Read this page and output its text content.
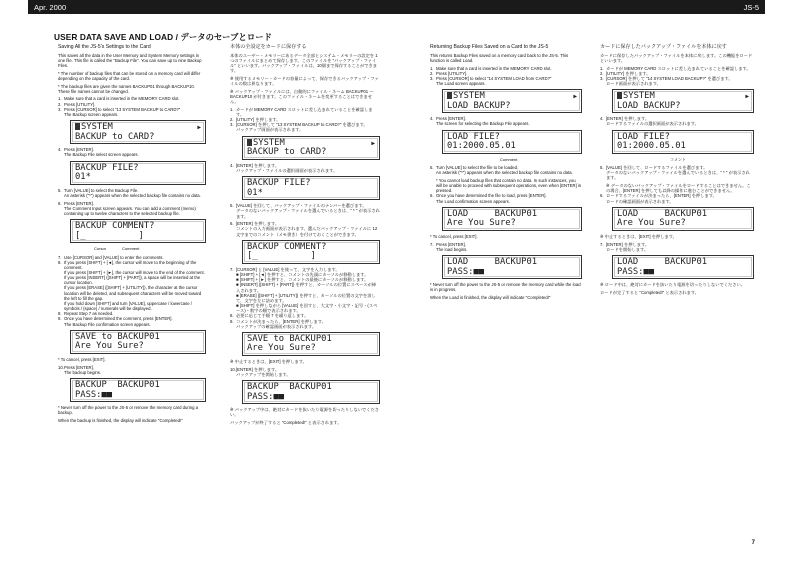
Apr. 2000	JS-5
USER DATA SAVE AND LOAD / データのセーブとロード

Saving All the JS-5's Settings to the Card

This saves all the data in the User Memory and System Memory settings in one file. This file is called the "Backup File". You can save up to nine Backup Files.

* The number of backup files that can be stored on a memory card will differ depending on the capacity of the card.

* The backup files are given the names BACKUP01 through BACKUP10. These file names cannot be changed.

1. Make sure that a card is inserted in the MEMORY CARD slot.
2. Press [UTILITY].
3. Press [CURSOR] to select "13 SYSTEM BACKUP to CARD?"

The Backup screen appears.

SYSTEM	▶

BACKUP to CARD?
4. Press [ENTER].

The Backup File select screen appears.

BACKUP FILE?
01*
5. Turn [VALUE] to select the Backup File.

An asterisk ("*") appears when the selected backup file contains no data.

6. Press [ENTER].

The Comment Input screen appears. You can add a comment (memo) containing up to twelve characters to the selected backup file.

BACKUP COMMENT?
[_          ]
Cursor	Comment
7. Use [CURSOR] and [VALUE] to enter the comments.
8. If you press [SHIFT] + [◄], the cursor will move to the beginning of the comment.
If you press [SHIFT] + [►], the cursor will move to the end of the comment.
If you press [INSERT] ([SHIFT] + [PART]), a space will be inserted at the cursor location.
If you press [ERASE] ([SHIFT] + [UTILITY]), the character at the cursor location will be deleted, and subsequent characters will be moved toward the left to fill the gap.
If you hold down [SHIFT] and turn [VALUE], uppercase / lowercase / symbols / (space) / numerals will be displayed.
8. Repeat Step 7 as needed.
9. Once you have determined the comment, press [ENTER].

The Backup File confirmation screen appears.

SAVE to BACKUP01
Are You Sure?

* To cancel, press [EXIT].

10. Press [ENTER].

The backup begins.

BACKUP  BACKUP01
PASS:■■

* Never turn off the power to the JS-5 or remove the memory card during a backup.

When the backup is finished, the display will indicate "Completed!"

本体の全設定をカードに保存する

本体のユーザー・メモリーにあるデータ全部とシステム・メモリーの設定を 1 つのファイルにまとめて保存します。このファイルを "バックアップ・ファイル" といいます。バックアップ・ファイルは、10個まで保存することができます。

※ 使用するメモリー・カードの容量によって、保存できるバックアップ・ファイルの数は異なります。

※ バックアップ・ファイルには、自動的にファイル・ネーム BACKUP01 ～ BACKUP10 が付きます。このファイル・ネームを変更することはできません。

1. カードが MEMORY CARD スロットに差し込まれていることを確認します。
2. [UTILITY] を押します。
3. [CURSOR] を押して "13 SYSTEM BACKUP to CARD?" を選びます。

バックアップ画面が表示されます。

SYSTEM	▶

BACKUP to CARD?
4. [ENTER] を押します。

バックアップ・ファイルの選択画面が表示されます。

BACKUP FILE?
01*
5. [VALUE] を回して、バックアップ・ファイルのナンバーを選びます。

データのないバックアップ・ファイルを選んでいるときは、" * " が表示されます。

6. [ENTER] を押します。

コメントの入力画面が表示されます。選んだバックアップ・ファイルに 12 文字までのコメント（メモ書き）を付けておくことができます。

BACKUP COMMENT?
[_          ]
7. [CURSOR] と [VALUE] を使って、文字を入力します。
■ [SHIFT] + [◄] を押すと、コメントの先頭にカーソルが移動します。
■ [SHIFT] + [►] を押すと、コメントの最後にカーソルが移動します。
■ [INSERT] ([SHIFT] + [PART]) を押すと、カーソルの位置にスペースが挿入されます。
■ [ERASE] ([SHIFT] + [UTILITY]) を押すと、カーソルの位置の文字を消して、文字を左に詰めます。
■ [SHIFT] を押しながら [VALUE] を回すと、大文字・小文字・記号・(スペース)・数字の順で表示されます。
8. 必要に応じて手順 7 を繰り返します。
9. コメントが決まったら、[ENTER] を押します。

バックアップの確認画面が表示されます。

SAVE to BACKUP01
Are You Sure?

※ 中止するときは、[EXIT] を押します。

10. [ENTER] を押します。

バックアップを開始します。

BACKUP  BACKUP01
PASS:■■

※ バックアップ中は、絶対にカードを抜いたり電源を切ったりしないでください。

バックアップが終了すると "Completed!" と表示されます。

Returning Backup Files Saved on a Card to the JS-5

This returns Backup Files saved on a memory card back to the JS-5. This function is called Load.

1. Make sure that a card is inserted in the MEMORY CARD slot.
2. Press [UTILITY].
3. Press [CURSOR] to select "14 SYSTEM LOAD from CARD?"

The Load screen appears.

SYSTEM	▶

LOAD BACKUP?
4. Press [ENTER].

The screen for selecting the Backup File appears.

LOAD FILE?
01:2000.05.01
Comment
5. Turn [VALUE] to select the file to be loaded.

An asterisk ("*") appears when the selected backup file contains no data.

* You cannot load backup files that contain no data. In such instances, you will be unable to proceed with subsequent operations, even when [ENTER] is pressed.
6. Once you have determined the file to load, press [ENTER].

The Load confirmation screen appears.

LOAD     BACKUP01
Are You Sure?

* To cancel, press [EXIT].

7. Press [ENTER].

The load begins.

LOAD     BACKUP01
PASS:■■

* Never turn off the power to the JS-5 or remove the memory card while the load is in progress.

When the Load is finished, the display will indicate "Completed!"

カードに保存したバックアップ・ファイルを本体に戻す

カードに保存したバックアップ・ファイルを本体に戻します。この機能をロードといいます。

1. カードが MEMORY CARD スロットに差し込まれていることを確認します。
2. [UTILITY] を押します。
3. [CURSOR] を押して "14 SYSTEM LOAD BACKUP?" を選びます。

ロード画面が表示されます。

SYSTEM	▶

LOAD BACKUP?
4. [ENTER] を押します。

ロードするファイルの選択画面が表示されます。

LOAD FILE?
01:2000.05.01
コメント
5. [VALUE] を回して、ロードするファイルを選びます。

データのないバックアップ・ファイルを選んでいるときは、" * " が表示されます。

※ データのないバックアップ・ファイルをロードすることはできません。この場合、[ENTER] を押しても以降の操作に進むことができません。
6. ロードするファイルが決まったら、[ENTER] を押します。

ロードの確認画面が表示されます。

LOAD     BACKUP01
Are You Sure?

※ 中止するときは、[EXIT] を押します。

7. [ENTER] を押します。

ロードを開始します。

LOAD     BACKUP01
PASS:■■

※ ロード中は、絶対にカードを抜いたり電源を切ったりしないでください。

ロードが完了すると "Completed!" と表示されます。

7
